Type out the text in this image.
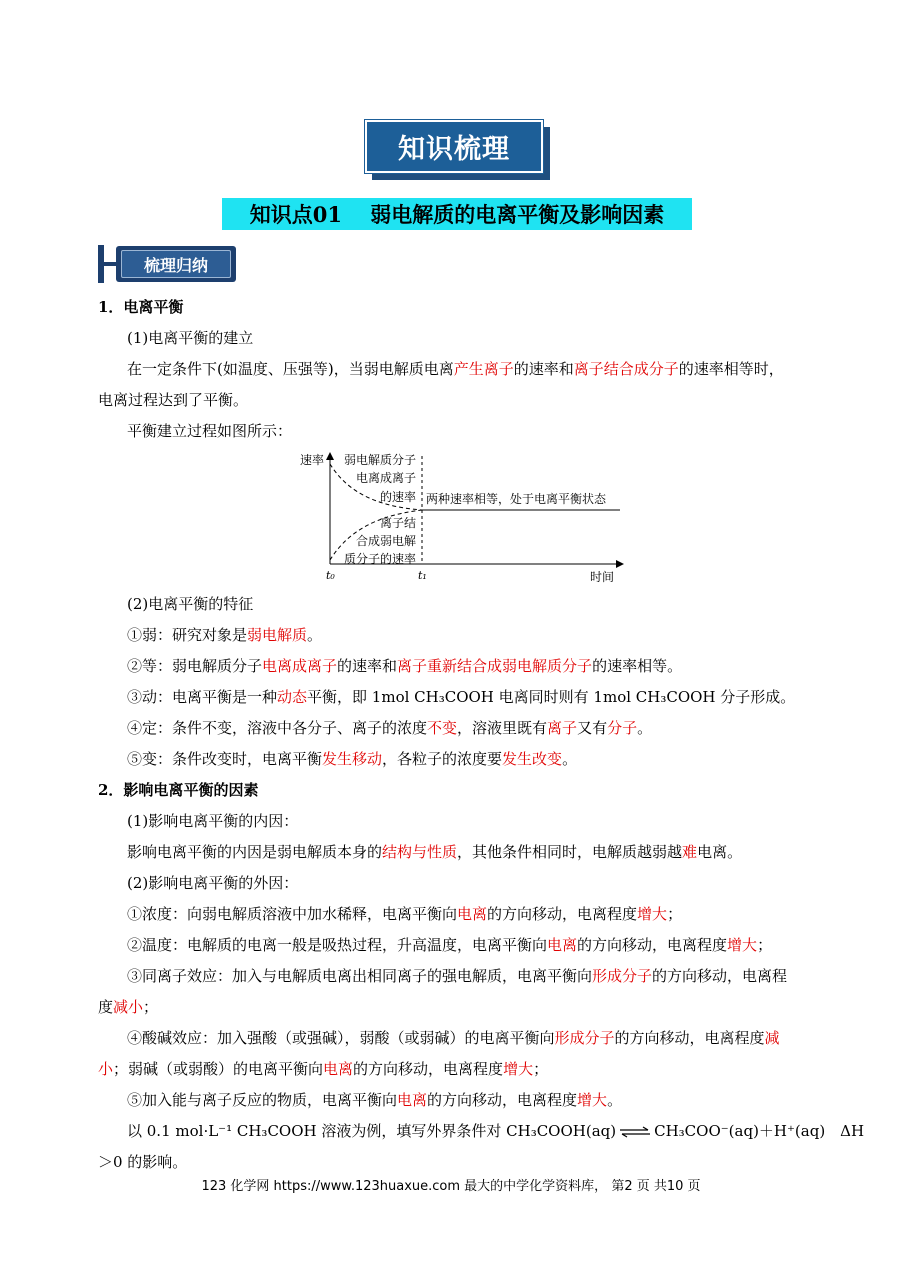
知识梳理
知识点01　 弱电解质的电离平衡及影响因素
梳理归纳
1．电离平衡
(1)电离平衡的建立
在一定条件下(如温度、压强等)，当弱电解质电离产生离子的速率和离子结合成分子的速率相等时，
电离过程达到了平衡。
平衡建立过程如图所示：
速率
时间
t₀	t₁
弱电解质分子
电离成离子
的速率
离子结
合成弱电解
质分子的速率
两种速率相等，处于电离平衡状态
(2)电离平衡的特征
①弱：研究对象是弱电解质。
②等：弱电解质分子电离成离子的速率和离子重新结合成弱电解质分子的速率相等。
③动：电离平衡是一种动态平衡，即 1mol CH₃COOH 电离同时则有 1mol CH₃COOH 分子形成。
④定：条件不变，溶液中各分子、离子的浓度不变，溶液里既有离子又有分子。
⑤变：条件改变时，电离平衡发生移动，各粒子的浓度要发生改变。
2．影响电离平衡的因素
(1)影响电离平衡的内因：
影响电离平衡的内因是弱电解质本身的结构与性质，其他条件相同时，电解质越弱越难电离。
(2)影响电离平衡的外因：
①浓度：向弱电解质溶液中加水稀释，电离平衡向电离的方向移动，电离程度增大；
②温度：电解质的电离一般是吸热过程，升高温度，电离平衡向电离的方向移动，电离程度增大；
③同离子效应：加入与电解质电离出相同离子的强电解质，电离平衡向形成分子的方向移动，电离程
度减小；
④酸碱效应：加入强酸（或强碱），弱酸（或弱碱）的电离平衡向形成分子的方向移动，电离程度减
小；弱碱（或弱酸）的电离平衡向电离的方向移动，电离程度增大；
⑤加入能与离子反应的物质，电离平衡向电离的方向移动，电离程度增大。
以 0.1 mol·L⁻¹ CH₃COOH 溶液为例，填写外界条件对 CH₃COOH(aq) ⇌ CH₃COO⁻(aq)＋H⁺(aq)　ΔH
＞0 的影响。
123 化学网 https://www.123huaxue.com 最大的中学化学资料库， 第2 页 共10 页
